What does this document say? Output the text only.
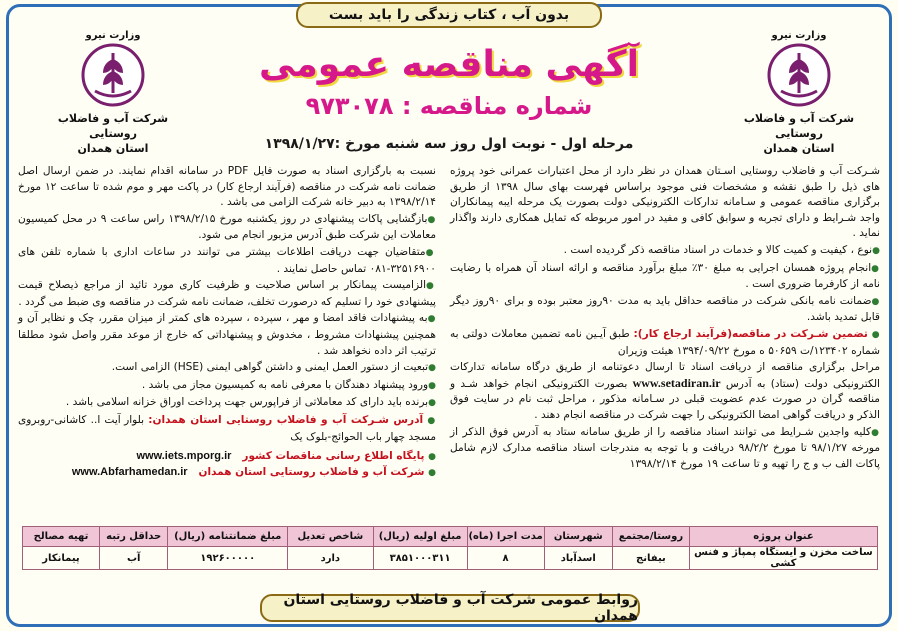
بدون آب ، کتاب زندگی را باید بست
وزارت نیرو
شرکت آب و فاضلاب روستایی
استان همدان
وزارت نیرو
شرکت آب و فاضلاب روستایی
استان همدان
آگهی مناقصه عمومی
شماره مناقصه : ۹۷۳۰۷۸
مرحله اول - نوبت اول روز سه شنبه مورخ :۱۳۹۸/۱/۲۷

شـرکت آب و فاضلاب روستایی اسـتان همدان در نظر دارد از محل اعتبارات عمرانی خود پروژه های ذیل را طبق نقشه و مشخصات فنی موجود براساس فهرست بهای سال ۱۳۹۸ از طریق برگزاری مناقصه عمومی و سـامانه تدارکات الکترونیکی دولت بصورت یک مرحله ایبه پیمانکاران واجد شـرایط و دارای تجربه و سوابق کافی و مفید در امور مربوطه که تمایل همکاری دارند واگذار نماید .

● نوع ، کیفیت و کمیت کالا و خدمات در اسناد مناقصه ذکر گردیده است .

● انجام پروژه همسان اجرایی به مبلغ ۳۰٪ مبلغ برآورد مناقصه و ارائه اسناد آن همراه با رضایت نامه از کارفرما ضروری است .

● ضمانت نامه بانکی شرکت در مناقصه حداقل باید به مدت ۹۰روز معتبر بوده و برای ۹۰روز دیگر قابل تمدید باشد.

● تضمین شـرکت در مناقصه(فرآیند ارجاع کار): طبق آیـین نامه تضمین معاملات دولتی به شماره ۱۲۳۴۰۲/ت ۵۰۶۵۹ ه مورخ ۱۳۹۴/۰۹/۲۲ هیئت وزیران

مراحل برگزاری مناقصه از دریافت اسناد تا ارسال دعوتنامه از طریق درگاه سامانه تدارکات الکترونیکی دولت (ستاد) به آدرس www.setadiran.ir بصورت الکترونیکی انجام خواهد شـد و مناقصه گران در صورت عدم عضویت قبلی در سـامانه مذکور ، مراحل ثبت نام در سایت فوق الذکر و دریافت گواهی امضا الکترونیکی را جهت شرکت در مناقصه انجام دهند .

● کلیه واجدین شـرایط می توانند اسناد مناقصه را از طریق سامانه ستاد به آدرس فوق الذکر از مورخه ۹۸/۱/۲۷ تا مورخ ۹۸/۲/۲ دریافت و با توجه به مندرجات اسناد مناقصه مدارک لازم شامل پاکات الف ب و ج را تهیه و تا ساعت ۱۹ مورخ ۱۳۹۸/۲/۱۴

نسبت به بارگزاری اسناد به صورت فایل PDF در سامانه اقدام نمایند. در ضمن ارسال اصل ضمانت نامه شرکت در مناقصه (فرآیند ارجاع کار) در پاکت مهر و موم شده تا ساعت ۱۲ مورخ ۱۳۹۸/۲/۱۴ به دبیر خانه شرکت الزامی می باشد .

● بازگشایی پاکات پیشنهادی در روز یکشنبه مورخ ۱۳۹۸/۲/۱۵ راس ساعت ۹ در محل کمیسیون معاملات این شرکت طبق آدرس مزبور انجام می شود.

● متقاضیان جهت دریافت اطلاعات بیشتر می توانند در ساعات اداری با شماره تلفن های ۳۲۵۱۶۹۰۰-۰۸۱ تماس حاصل نمایند .

● الزامیست پیمانکار بر اساس صلاحیت و ظرفیت کاری مورد تائید از مراجع ذیصلاح قیمت پیشنهادی خود را تسلیم که درصورت تخلف، ضمانت نامه شرکت در مناقصه وی ضبط می گردد .

● به پیشنهادات فاقد امضا و مهر ، سپرده ، سپرده های کمتر از میزان مقرر، چک و نظایر آن و همچنین پیشنهادات مشروط ، مخدوش و پیشنهاداتی که خارج از موعد مقرر واصل شود مطلقا ترتیب اثر داده نخواهد شد .

● تبعیت از دستور العمل ایمنی و داشتن گواهی ایمنی (HSE) الزامی است.

● ورود پیشنهاد دهندگان با معرفی نامه به کمیسیون مجاز می باشد .

● برنده باید دارای کد معاملاتی از فراپورس جهت پرداخت اوراق خزانه اسلامی باشد .

● آدرس شـرکت آب و فاضلاب روستایی استان همدان: بلوار آیت ا.. کاشانی-روبروی مسجد چهار باب الحوائج-بلوک یک

● پایگاه اطلاع رسانی مناقصات کشور   www.iets.mporg.ir
● شرکت آب و فاضلاب روستایی استان همدان   www.Abfarhamedan.ir
عنوان پروژه	روستا/مجتمع	شهرستان	مدت اجرا (ماه)	مبلغ اولیه (ریال)	شاخص تعدیل	مبلغ ضمانتنامه (ریال)	حداقل رتبه	تهیه مصالح
ساخت مخزن و ایستگاه پمپاژ و فنس کشی	بیفانج	اسدآباد	۸	۳۸۵۱۰۰۰۳۱۱	دارد	۱۹۲۶۰۰۰۰۰	آب	پیمانکار
روابط عمومی شرکت آب و فاضلاب روستایی استان همدان
